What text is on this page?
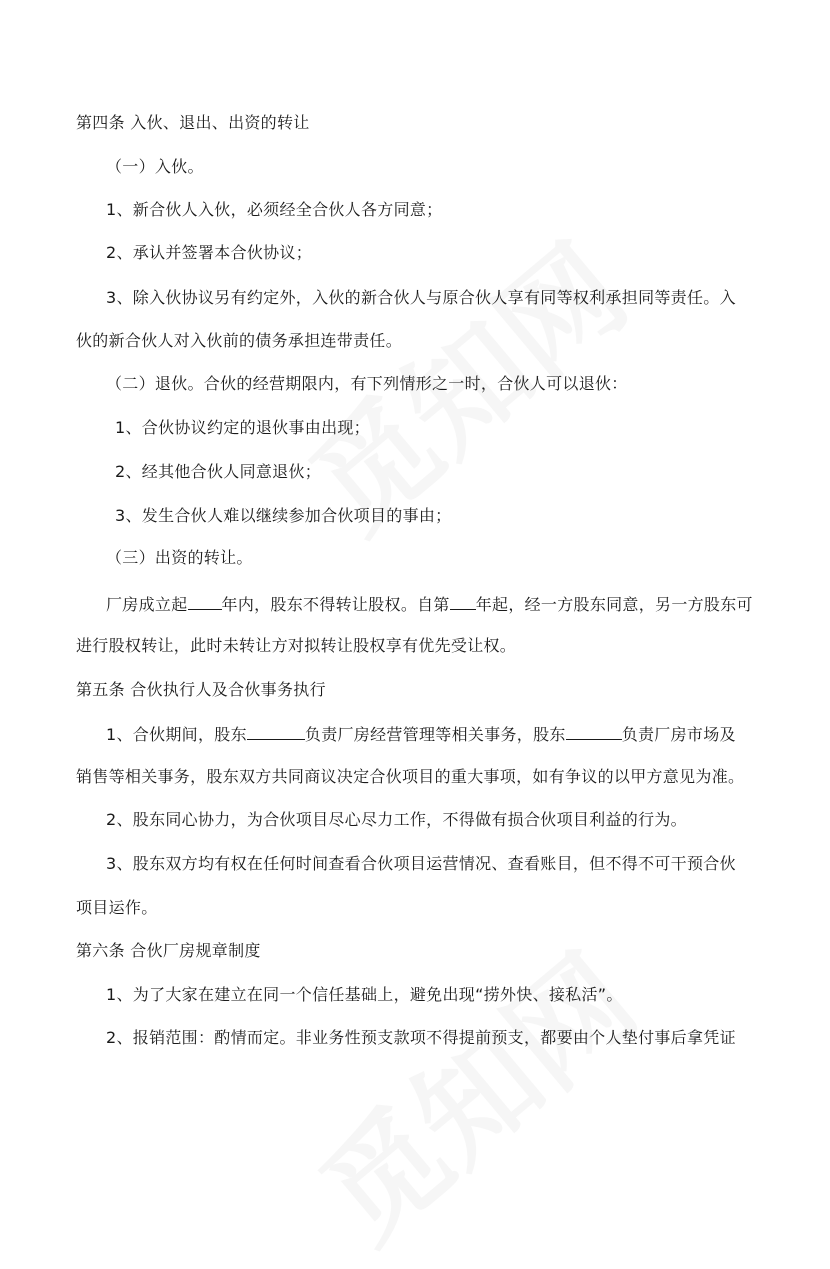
第四条 入伙、退出、出资的转让
（一）入伙。
1、新合伙人入伙，必须经全合伙人各方同意；
2、承认并签署本合伙协议；
3、除入伙协议另有约定外，入伙的新合伙人与原合伙人享有同等权利承担同等责任。入
伙的新合伙人对入伙前的债务承担连带责任。
（二）退伙。合伙的经营期限内，有下列情形之一时，合伙人可以退伙：
1、合伙协议约定的退伙事由出现；
2、经其他合伙人同意退伙；
3、发生合伙人难以继续参加合伙项目的事由；
（三）出资的转让。
厂房成立起 年内，股东不得转让股权。自第 年起，经一方股东同意，另一方股东可
进行股权转让，此时未转让方对拟转让股权享有优先受让权。
第五条 合伙执行人及合伙事务执行
1、合伙期间，股东	负责厂房经营管理等相关事务，股东	负责厂房市场及
销售等相关事务，股东双方共同商议决定合伙项目的重大事项，如有争议的以甲方意见为准。
2、股东同心协力，为合伙项目尽心尽力工作，不得做有损合伙项目利益的行为。
3、股东双方均有权在任何时间查看合伙项目运营情况、查看账目，但不得不可干预合伙
项目运作。
第六条 合伙厂房规章制度
1、为了大家在建立在同一个信任基础上，避免出现“捞外快、接私活”。
2、报销范围：酌情而定。非业务性预支款项不得提前预支，都要由个人垫付事后拿凭证
